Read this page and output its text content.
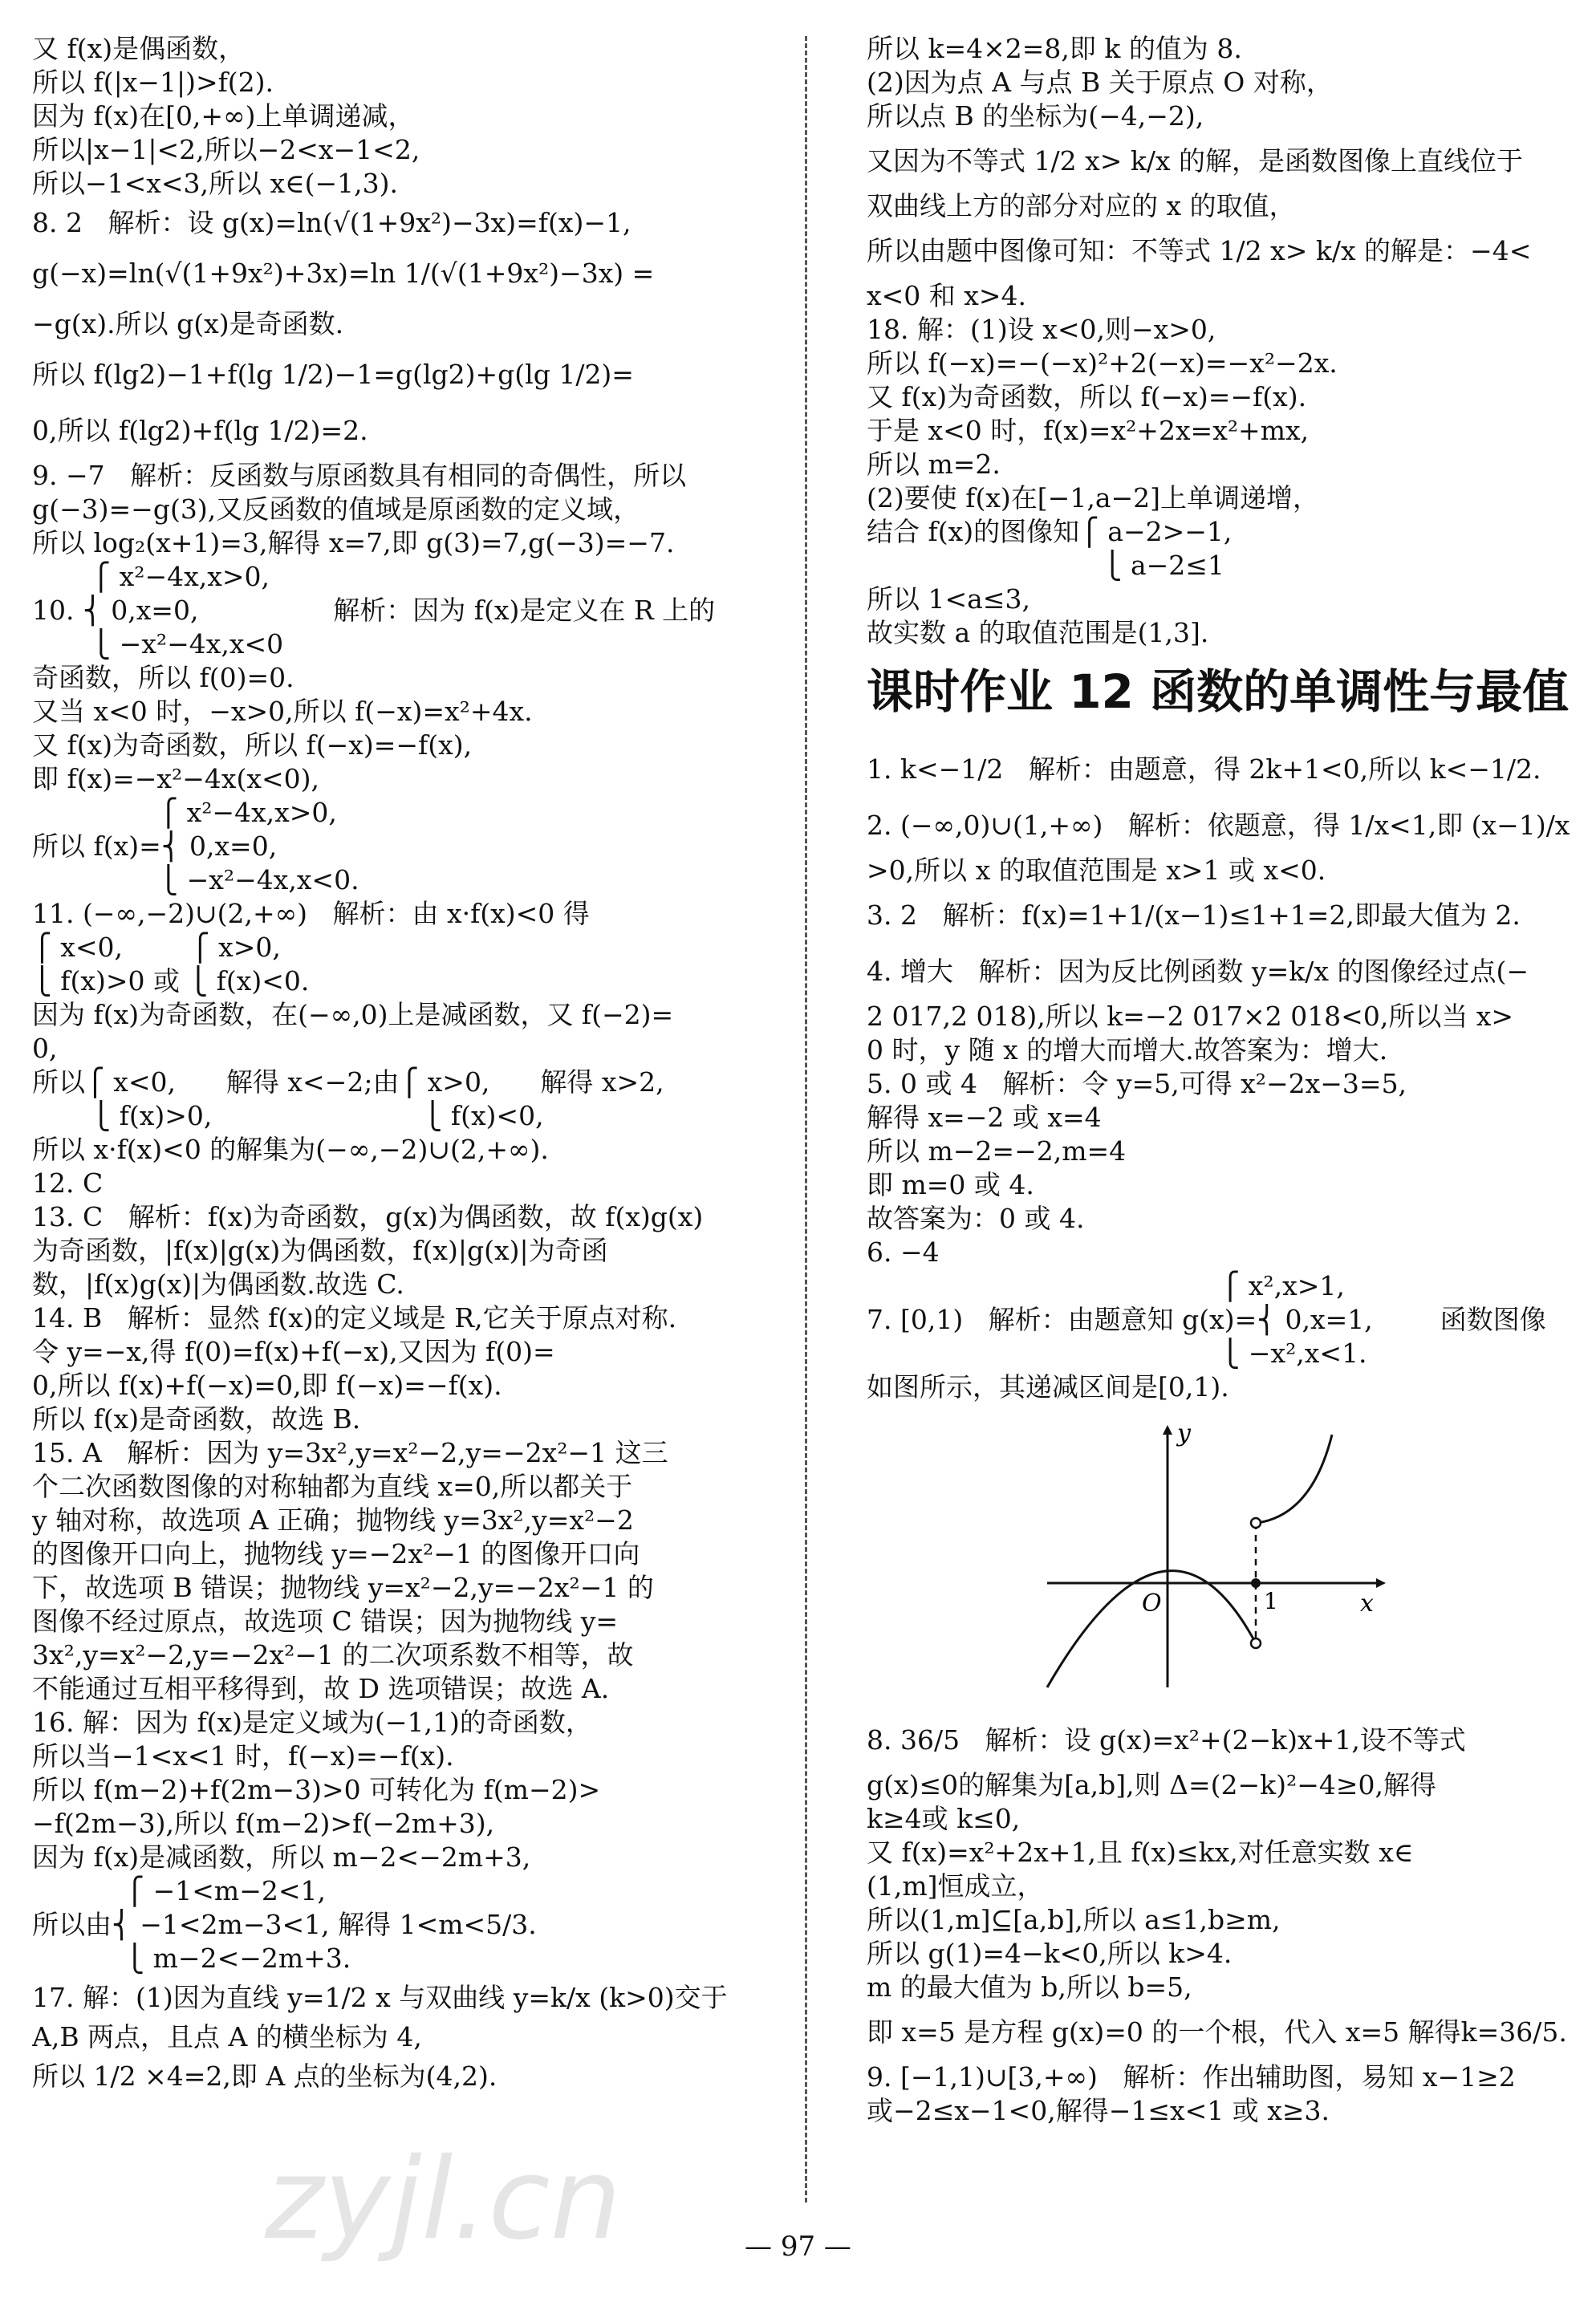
又 f(x)是偶函数，
所以 f(|x−1|)>f(2).
因为 f(x)在[0,+∞)上单调递减，
所以|x−1|<2,所以−2<x−1<2,
所以−1<x<3,所以 x∈(−1,3).
8. 2   解析：设 g(x)=ln(√(1+9x²)−3x)=f(x)−1,
g(−x)=ln(√(1+9x²)+3x)=ln 1/(√(1+9x²)−3x) =
−g(x).所以 g(x)是奇函数.
所以 f(lg2)−1+f(lg 1/2)−1=g(lg2)+g(lg 1/2)=
0,所以 f(lg2)+f(lg 1/2)=2.
9. −7   解析：反函数与原函数具有相同的奇偶性，所以
g(−3)=−g(3),又反函数的值域是原函数的定义域，
所以 log₂(x+1)=3,解得 x=7,即 g(3)=7,g(−3)=−7.
⎧ x²−4x,x>0,
10. ⎨ 0,x=0,                解析：因为 f(x)是定义在 R 上的
⎩ −x²−4x,x<0
奇函数，所以 f(0)=0.
又当 x<0 时，−x>0,所以 f(−x)=x²+4x.
又 f(x)为奇函数，所以 f(−x)=−f(x),
即 f(x)=−x²−4x(x<0),
⎧ x²−4x,x>0,
所以 f(x)=⎨ 0,x=0,
⎩ −x²−4x,x<0.
11. (−∞,−2)∪(2,+∞)   解析：由 x·f(x)<0 得
⎧ x<0,        ⎧ x>0,
⎩ f(x)>0 或 ⎩ f(x)<0.
因为 f(x)为奇函数，在(−∞,0)上是减函数，又 f(−2)=
0,
所以⎧ x<0,      解得 x<−2;由⎧ x>0,      解得 x>2,
⎩ f(x)>0,                         ⎩ f(x)<0,
所以 x·f(x)<0 的解集为(−∞,−2)∪(2,+∞).
12. C
13. C   解析：f(x)为奇函数，g(x)为偶函数，故 f(x)g(x)
为奇函数，|f(x)|g(x)为偶函数，f(x)|g(x)|为奇函
数，|f(x)g(x)|为偶函数.故选 C.
14. B   解析：显然 f(x)的定义域是 R,它关于原点对称.
令 y=−x,得 f(0)=f(x)+f(−x),又因为 f(0)=
0,所以 f(x)+f(−x)=0,即 f(−x)=−f(x).
所以 f(x)是奇函数，故选 B.
15. A   解析：因为 y=3x²,y=x²−2,y=−2x²−1 这三
个二次函数图像的对称轴都为直线 x=0,所以都关于
y 轴对称，故选项 A 正确；抛物线 y=3x²,y=x²−2
的图像开口向上，抛物线 y=−2x²−1 的图像开口向
下，故选项 B 错误；抛物线 y=x²−2,y=−2x²−1 的
图像不经过原点，故选项 C 错误；因为抛物线 y=
3x²,y=x²−2,y=−2x²−1 的二次项系数不相等，故
不能通过互相平移得到，故 D 选项错误；故选 A.
16. 解：因为 f(x)是定义域为(−1,1)的奇函数，
所以当−1<x<1 时，f(−x)=−f(x).
所以 f(m−2)+f(2m−3)>0 可转化为 f(m−2)>
−f(2m−3),所以 f(m−2)>f(−2m+3),
因为 f(x)是减函数，所以 m−2<−2m+3,
⎧ −1<m−2<1,
所以由⎨ −1<2m−3<1, 解得 1<m<5/3.
⎩ m−2<−2m+3.
17. 解：(1)因为直线 y=1/2 x 与双曲线 y=k/x (k>0)交于
A,B 两点，且点 A 的横坐标为 4,
所以 1/2 ×4=2,即 A 点的坐标为(4,2).
所以 k=4×2=8,即 k 的值为 8.
(2)因为点 A 与点 B 关于原点 O 对称，
所以点 B 的坐标为(−4,−2),
又因为不等式 1/2 x> k/x 的解，是函数图像上直线位于
双曲线上方的部分对应的 x 的取值，
所以由题中图像可知：不等式 1/2 x> k/x 的解是：−4<
x<0 和 x>4.
18. 解：(1)设 x<0,则−x>0,
所以 f(−x)=−(−x)²+2(−x)=−x²−2x.
又 f(x)为奇函数，所以 f(−x)=−f(x).
于是 x<0 时，f(x)=x²+2x=x²+mx,
所以 m=2.
(2)要使 f(x)在[−1,a−2]上单调递增，
结合 f(x)的图像知⎧ a−2>−1,
⎩ a−2≤1
所以 1<a≤3,
故实数 a 的取值范围是(1,3].
课时作业 12 函数的单调性与最值
1. k<−1/2   解析：由题意，得 2k+1<0,所以 k<−1/2.
2. (−∞,0)∪(1,+∞)   解析：依题意，得 1/x<1,即 (x−1)/x
>0,所以 x 的取值范围是 x>1 或 x<0.
3. 2   解析：f(x)=1+1/(x−1)≤1+1=2,即最大值为 2.
4. 增大   解析：因为反比例函数 y=k/x 的图像经过点(−
2 017,2 018),所以 k=−2 017×2 018<0,所以当 x>
0 时，y 随 x 的增大而增大.故答案为：增大.
5. 0 或 4   解析：令 y=5,可得 x²−2x−3=5,
解得 x=−2 或 x=4
所以 m−2=−2,m=4
即 m=0 或 4.
故答案为：0 或 4.
6. −4
⎧ x²,x>1,
7. [0,1)   解析：由题意知 g(x)=⎨ 0,x=1,        函数图像
⎩ −x²,x<1.
如图所示，其递减区间是[0,1).
y
x
O	1
8. 36/5   解析：设 g(x)=x²+(2−k)x+1,设不等式
g(x)≤0的解集为[a,b],则 Δ=(2−k)²−4≥0,解得
k≥4或 k≤0,
又 f(x)=x²+2x+1,且 f(x)≤kx,对任意实数 x∈
(1,m]恒成立，
所以(1,m]⊆[a,b],所以 a≤1,b≥m,
所以 g(1)=4−k<0,所以 k>4.
m 的最大值为 b,所以 b=5,
即 x=5 是方程 g(x)=0 的一个根，代入 x=5 解得k=36/5.
9. [−1,1)∪[3,+∞)   解析：作出辅助图，易知 x−1≥2
或−2≤x−1<0,解得−1≤x<1 或 x≥3.
zyjl.cn	— 97 —
